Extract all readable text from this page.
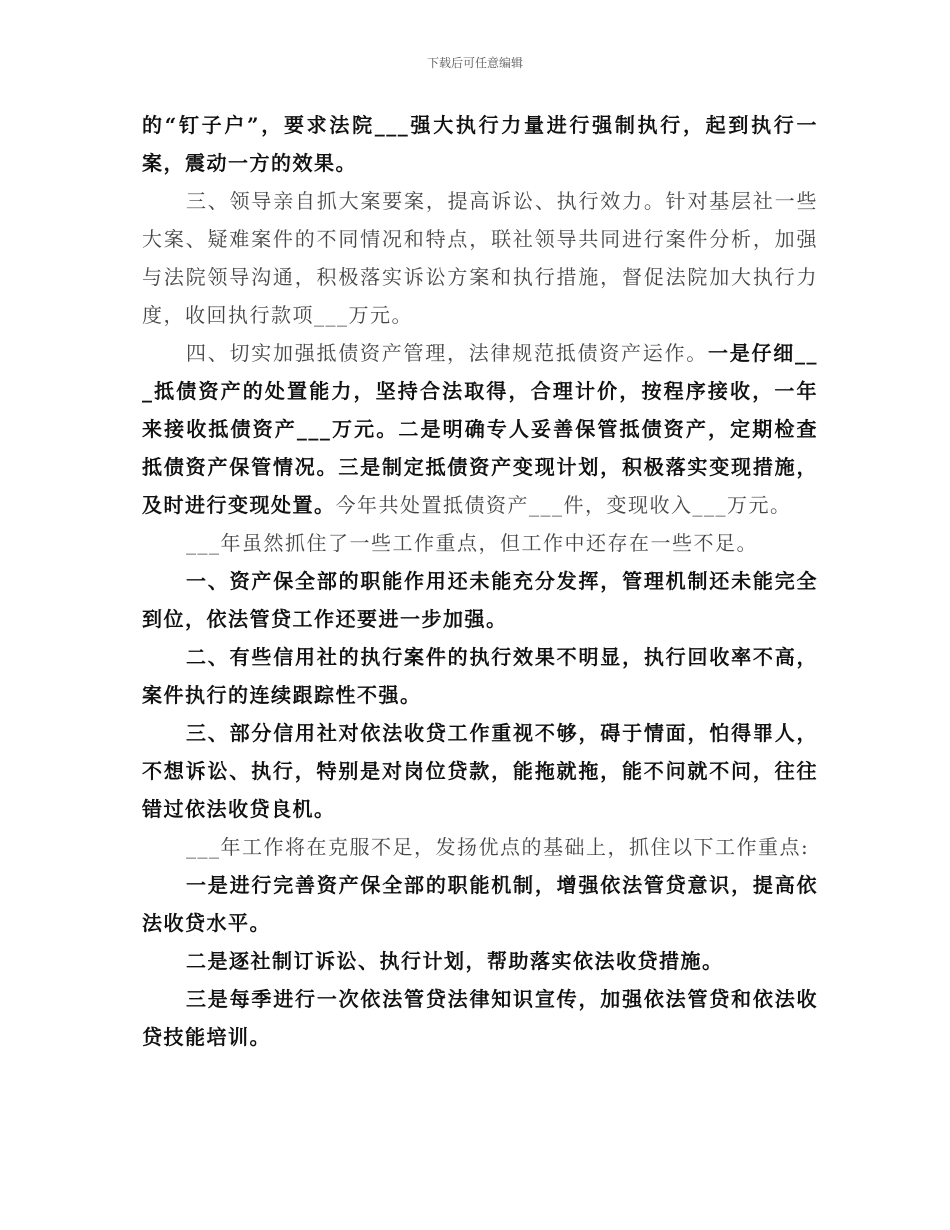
下载后可任意编辑

的“钉子户”，要求法院___强大执行力量进行强制执行，起到执行一案，震动一方的效果。

三、领导亲自抓大案要案，提高诉讼、执行效力。针对基层社一些大案、疑难案件的不同情况和特点，联社领导共同进行案件分析，加强与法院领导沟通，积极落实诉讼方案和执行措施，督促法院加大执行力度，收回执行款项___万元。

四、切实加强抵债资产管理，法律规范抵债资产运作。一是仔细___抵债资产的处置能力，坚持合法取得，合理计价，按程序接收，一年来接收抵债资产___万元。二是明确专人妥善保管抵债资产，定期检查抵债资产保管情况。三是制定抵债资产变现计划，积极落实变现措施，及时进行变现处置。今年共处置抵债资产___件，变现收入___万元。

___年虽然抓住了一些工作重点，但工作中还存在一些不足。

一、资产保全部的职能作用还未能充分发挥，管理机制还未能完全到位，依法管贷工作还要进一步加强。

二、有些信用社的执行案件的执行效果不明显，执行回收率不高，案件执行的连续跟踪性不强。

三、部分信用社对依法收贷工作重视不够，碍于情面，怕得罪人，不想诉讼、执行，特别是对岗位贷款，能拖就拖，能不问就不问，往往错过依法收贷良机。

___年工作将在克服不足，发扬优点的基础上，抓住以下工作重点:

一是进行完善资产保全部的职能机制，增强依法管贷意识，提高依法收贷水平。

二是逐社制订诉讼、执行计划，帮助落实依法收贷措施。

三是每季进行一次依法管贷法律知识宣传，加强依法管贷和依法收贷技能培训。
